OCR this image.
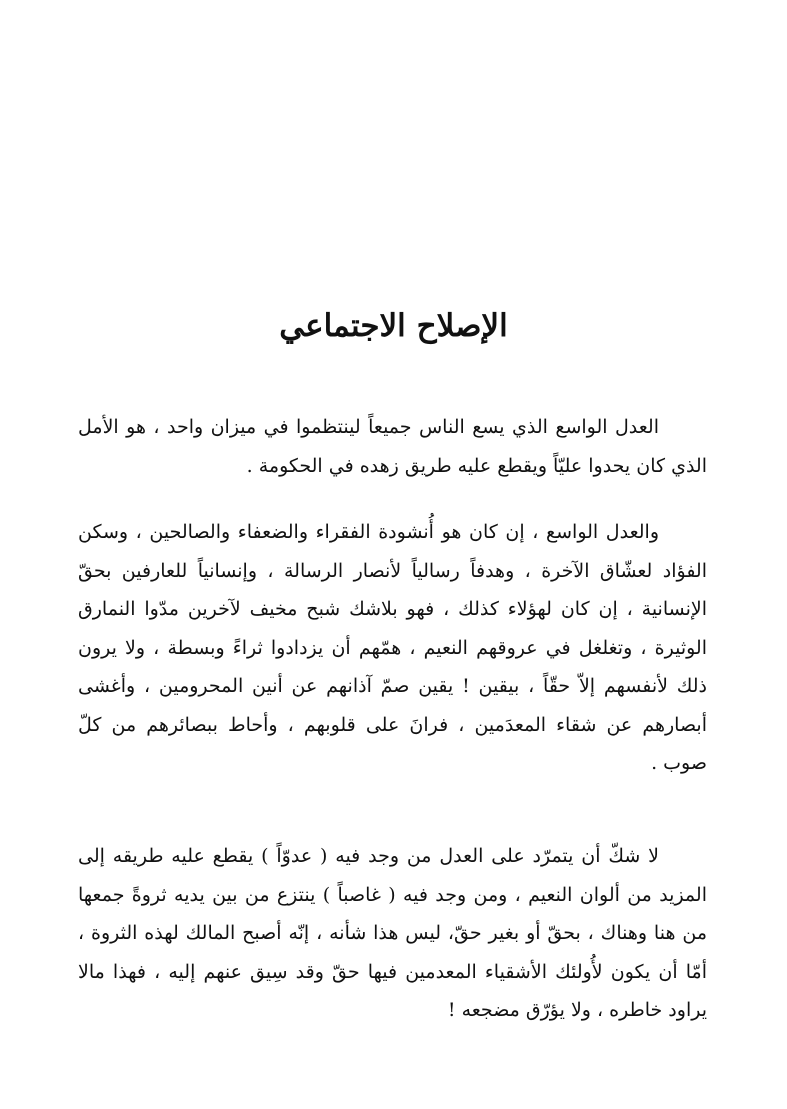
الإصلاح الاجتماعي

العدل الواسع الذي يسع الناس جميعاً لينتظموا في ميزان واحد ، هو الأمل الذي كان يحدوا عليّاً ويقطع عليه طريق زهده في الحكومة .

والعدل الواسع ، إن كان هو أُنشودة الفقراء والضعفاء والصالحين ، وسكن الفؤاد لعشّاق الآخرة ، وهدفاً رسالياً لأنصار الرسالة ، وإنسانياً للعارفين بحقّ الإنسانية ، إن كان لهؤلاء كذلك ، فهو بلاشك شبح مخيف لآخرين مدّوا النمارق الوثيرة ، وتغلغل في عروقهم النعيم ، همّهم أن يزدادوا ثراءً وبسطة ، ولا يرون ذلك لأنفسهم إلاّ حقّاً ، بيقين ! يقين صمّ آذانهم عن أنين المحرومين ، وأغشى أبصارهم عن شقاء المعدَمين ، فرانَ على قلوبهم ، وأحاط ببصائرهم من كلّ صوب .

لا شكّ أن يتمرّد على العدل من وجد فيه ( عدوّاً ) يقطع عليه طريقه إلى المزيد من ألوان النعيم ، ومن وجد فيه ( غاصباً ) ينتزع من بين يديه ثروةً جمعها من هنا وهناك ، بحقّ أو بغير حقّ، ليس هذا شأنه ، إنّه أصبح المالك لهذه الثروة ، أمّا أن يكون لأُولئك الأشقياء المعدمين فيها حقّ وقد سِيق عنهم إليه ، فهذا مالا يراود خاطره ، ولا يؤرّق مضجعه !
